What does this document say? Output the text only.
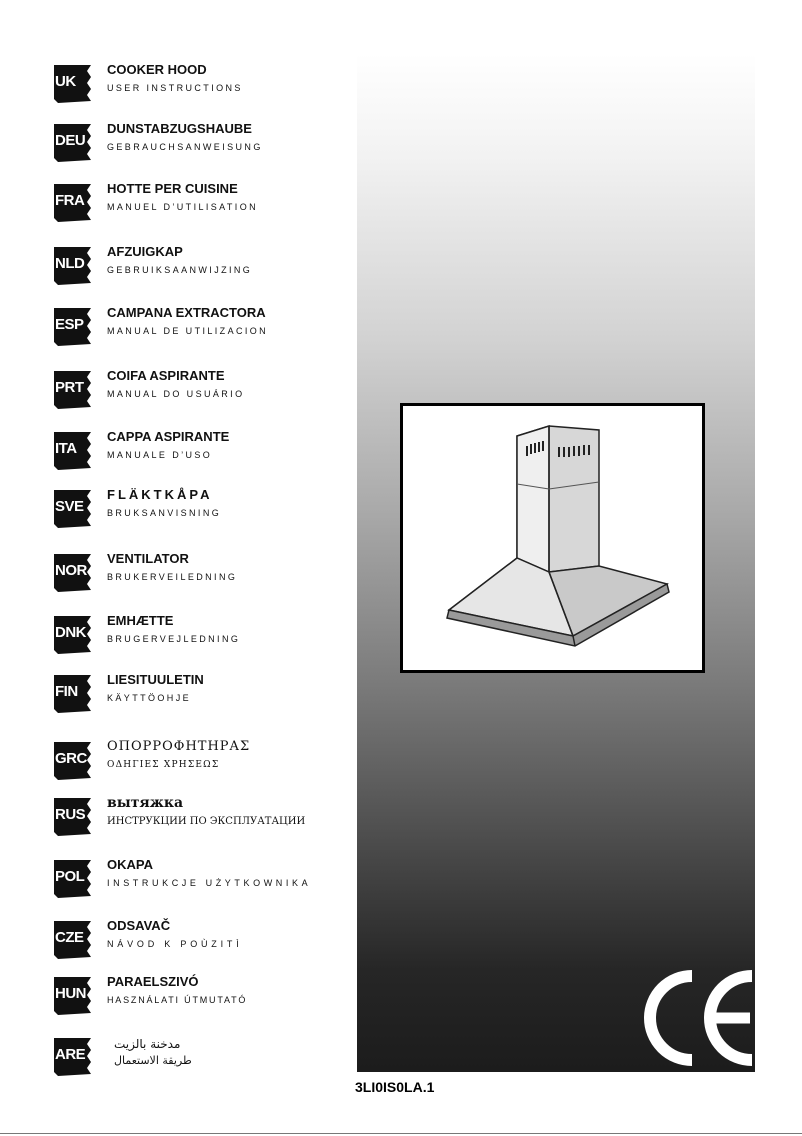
UK
COOKER HOOD
USER INSTRUCTIONS
DEU
DUNSTABZUGSHAUBE
GEBRAUCHSANWEISUNG
FRA
HOTTE PER CUISINE
MANUEL D’UTILISATION
NLD
AFZUIGKAP
GEBRUIKSAANWIJZING
ESP
CAMPANA EXTRACTORA
MANUAL DE UTILIZACION
PRT
COIFA ASPIRANTE
MANUAL DO USUÁRIO
ITA
CAPPA ASPIRANTE
MANUALE D’USO
SVE
FLÄKTKÅPA
BRUKSANVISNING
NOR
VENTILATOR
BRUKERVEILEDNING
DNK
EMHÆTTE
BRUGERVEJLEDNING
FIN
LIESITUULETIN
KÄYTTÖOHJE
GRC
ΟΠΟΡΡΟΦΗΤΗΡΑΣ
ΟΔΗΓΙΕΣ ΧΡΗΣΕΩΣ
RUS
вытяжка
ИНСТРУКЦИИ ПО ЭКСПЛУАТАЦИИ
POL
OKAPA
INSTRUKCJE UŻYTKOWNIKA
CZE
ODSAVAČ
NÁVOD K POÙZITÌ
HUN
PARAELSZIVÓ
HASZNÁLATI ÚTMUTATÓ
ARE
مدخنة بالزيت
طريقة الاستعمال
3LI0IS0LA.1
